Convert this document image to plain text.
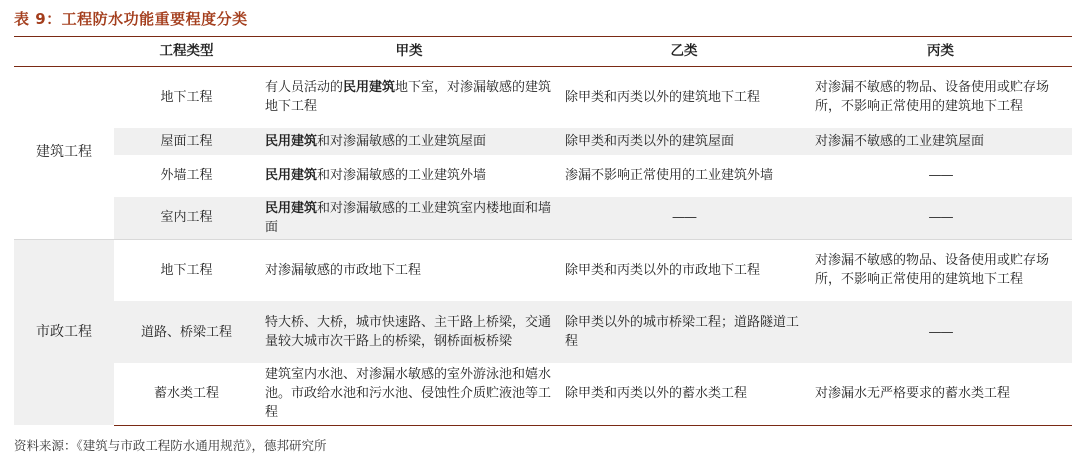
表 9：工程防水功能重要程度分类
	工程类型	甲类	乙类	丙类
建筑工程	地下工程	有人员活动的民用建筑地下室，对渗漏敏感的建筑地下工程	除甲类和丙类以外的建筑地下工程	对渗漏不敏感的物品、设备使用或贮存场所，不影响正常使用的建筑地下工程
	屋面工程	民用建筑和对渗漏敏感的工业建筑屋面	除甲类和丙类以外的建筑屋面	对渗漏不敏感的工业建筑屋面
	外墙工程	民用建筑和对渗漏敏感的工业建筑外墙	渗漏不影响正常使用的工业建筑外墙	——
	室内工程	民用建筑和对渗漏敏感的工业建筑室内楼地面和墙面	——	——
市政工程	地下工程	对渗漏敏感的市政地下工程	除甲类和丙类以外的市政地下工程	对渗漏不敏感的物品、设备使用或贮存场所，不影响正常使用的建筑地下工程
	道路、桥梁工程	特大桥、大桥，城市快速路、主干路上桥梁，交通量较大城市次干路上的桥梁，钢桥面板桥梁	除甲类以外的城市桥梁工程；道路隧道工程	——
	蓄水类工程	建筑室内水池、对渗漏水敏感的室外游泳池和嬉水池。市政给水池和污水池、侵蚀性介质贮液池等工程	除甲类和丙类以外的蓄水类工程	对渗漏水无严格要求的蓄水类工程
资料来源：《建筑与市政工程防水通用规范》，德邦研究所
